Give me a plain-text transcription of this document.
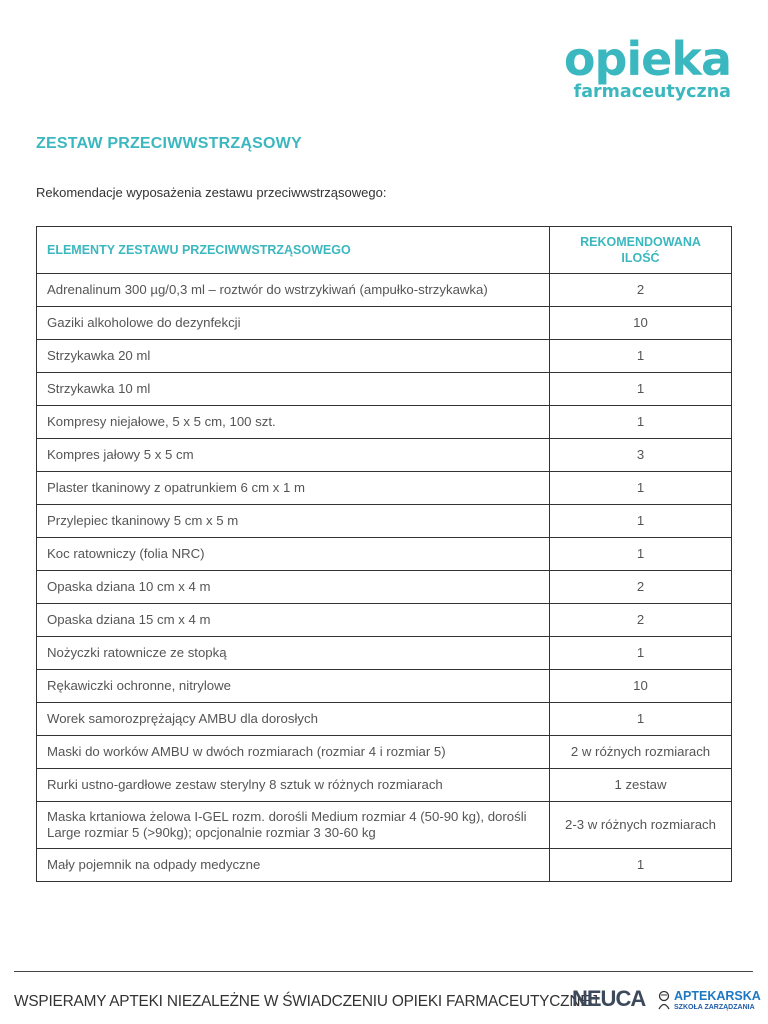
opieka
farmaceutyczna
ZESTAW PRZECIWWSTRZĄSOWY
Rekomendacje wyposażenia zestawu przeciwwstrząsowego:
ELEMENTY ZESTAWU PRZECIWWSTRZĄSOWEGO	REKOMENDOWANA ILOŚĆ
Adrenalinum 300 µg/0,3 ml – roztwór do wstrzykiwań (ampułko-strzykawka)	2
Gaziki alkoholowe do dezynfekcji	10
Strzykawka 20 ml	1
Strzykawka 10 ml	1
Kompresy niejałowe, 5 x 5 cm, 100 szt.	1
Kompres jałowy 5 x 5 cm	3
Plaster tkaninowy z opatrunkiem 6 cm x 1 m	1
Przylepiec tkaninowy 5 cm x 5 m	1
Koc ratowniczy (folia NRC)	1
Opaska dziana 10 cm x 4 m	2
Opaska dziana 15 cm x 4 m	2
Nożyczki ratownicze ze stopką	1
Rękawiczki ochronne, nitrylowe	10
Worek samorozprężający AMBU dla dorosłych	1
Maski do worków AMBU w dwóch rozmiarach (rozmiar 4 i rozmiar 5)	2 w różnych rozmiarach
Rurki ustno-gardłowe zestaw sterylny 8 sztuk w różnych rozmiarach	1 zestaw
Maska krtaniowa żelowa I-GEL rozm. dorośli Medium rozmiar 4 (50-90 kg), dorośli Large rozmiar 5 (>90kg); opcjonalnie rozmiar 3 30-60 kg	2-3 w różnych rozmiarach
Mały pojemnik na odpady medyczne	1
WSPIERAMY APTEKI NIEZALEŻNE W ŚWIADCZENIU OPIEKI FARMACEUTYCZNEJ
NEUCA APTEKARSKA
SZKOŁA ZARZĄDZANIA
